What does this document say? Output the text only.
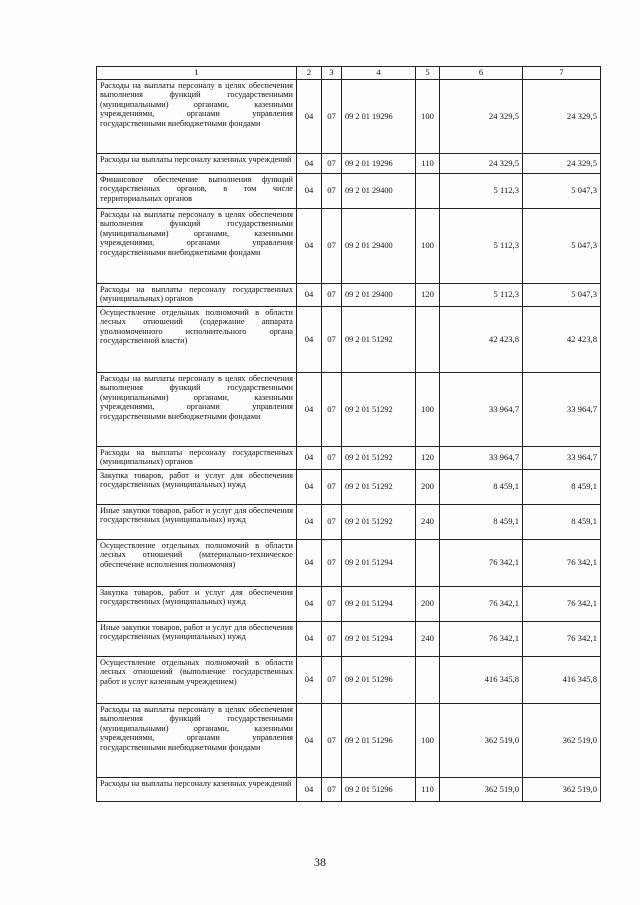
1	2	3	4	5	6	7
Расходы на выплаты персоналу в целях обеспечения выполнения функций государственными (муниципальными) органами, казенными учреждениями, органами управления государственными внебюджетными фондами	04	07	09 2 01 19296	100	24 329,5	24 329,5
Расходы на выплаты персоналу казенных учреждений	04	07	09 2 01 19296	110	24 329,5	24 329,5
Финансовое обеспечение выполнения функций государственных органов, в том числе территориальных органов	04	07	09 2 01 29400		5 112,3	5 047,3
Расходы на выплаты персоналу в целях обеспечения выполнения функций государственными (муниципальными) органами, казенными учреждениями, органами управления государственными внебюджетными фондами	04	07	09 2 01 29400	100	5 112,3	5 047,3
Расходы на выплаты персоналу государственных (муниципальных) органов	04	07	09 2 01 29400	120	5 112,3	5 047,3
Осуществление отдельных полномочий в области лесных отношений (содержание аппарата уполномоченного исполнительного органа государственной власти)	04	07	09 2 01 51292		42 423,8	42 423,8
Расходы на выплаты персоналу в целях обеспечения выполнения функций государственными (муниципальными) органами, казенными учреждениями, органами управления государственными внебюджетными фондами	04	07	09 2 01 51292	100	33 964,7	33 964,7
Расходы на выплаты персоналу государственных (муниципальных) органов	04	07	09 2 01 51292	120	33 964,7	33 964,7
Закупка товаров, работ и услуг для обеспечения государственных (муниципальных) нужд	04	07	09 2 01 51292	200	8 459,1	8 459,1
Иные закупки товаров, работ и услуг для обеспечения государственных (муниципальных) нужд	04	07	09 2 01 51292	240	8 459,1	8 459,1
Осуществление отдельных полномочий в области лесных отношений (материально-техническое обеспечение исполнения полномочия)	04	07	09 2 01 51294		76 342,1	76 342,1
Закупка товаров, работ и услуг для обеспечения государственных (муниципальных) нужд	04	07	09 2 01 51294	200	76 342,1	76 342,1
Иные закупки товаров, работ и услуг для обеспечения государственных (муниципальных) нужд	04	07	09 2 01 51294	240	76 342,1	76 342,1
Осуществление отдельных полномочий в области лесных отношений (выполнение государственных работ и услуг казенным учреждением)	04	07	09 2 01 51296		416 345,8	416 345,8
Расходы на выплаты персоналу в целях обеспечения выполнения функций государственными (муниципальными) органами, казенными учреждениями, органами управления государственными внебюджетными фондами	04	07	09 2 01 51296	100	362 519,0	362 519,0
Расходы на выплаты персоналу казенных учреждений	04	07	09 2 01 51296	110	362 519,0	362 519,0
38
